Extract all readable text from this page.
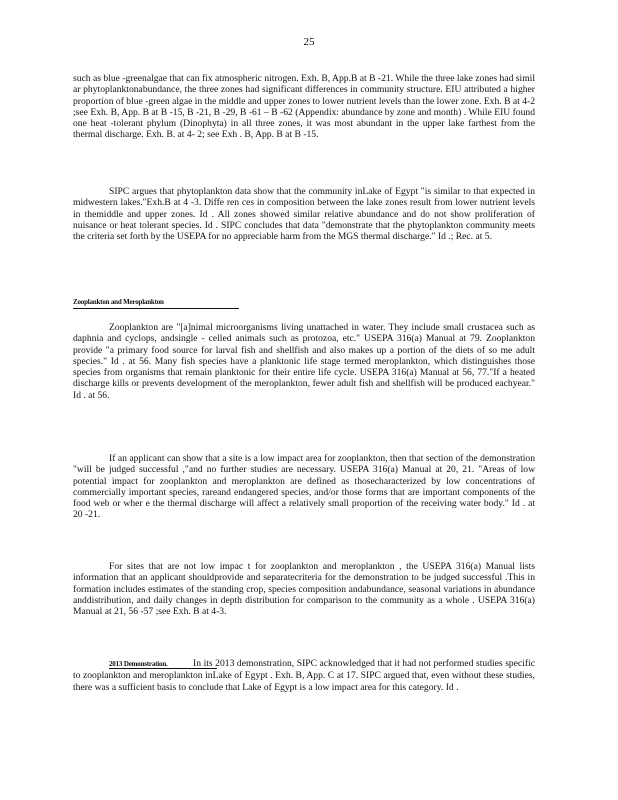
25

such as blue -greenalgae that can fix atmospheric nitrogen. Exh. B, App.B at B -21. While the three lake zones had simil ar phytoplanktonabundance, the three zones had significant differences in community structure. EIU attributed a higher proportion of blue -green algae in the middle and upper zones to lower nutrient levels than the lower zone. Exh. B at 4-2 ;see Exh. B, App. B at B -15, B -21, B -29, B -61 – B -62 (Appendix: abundance by zone and month) . While EIU found one heat -tolerant phylum (Dinophyta) in all three zones, it was most abundant in the upper lake farthest from the thermal discharge. Exh. B. at 4- 2; see Exh . B, App. B at B -15.

SIPC argues that phytoplankton data show that the community inLake of Egypt "is similar to that expected in midwestern lakes."Exh.B at 4 -3. Diffe ren ces in composition between the lake zones result from lower nutrient levels in themiddle and upper zones. Id . All zones showed similar relative abundance and do not show proliferation of nuisance or heat tolerant species. Id . SIPC concludes that data "demonstrate that the phytoplankton community meets the criteria set forth by the USEPA for no appreciable harm from the MGS thermal discharge." Id .; Rec. at 5.

Zooplankton and Meroplankton

Zooplankton are "[a]nimal microorganisms living unattached in water. They include small crustacea such as daphnia and cyclops, andsingle - celled animals such as protozoa, etc." USEPA 316(a) Manual at 79. Zooplankton provide "a primary food source for larval fish and shellfish and also makes up a portion of the diets of so me adult species." Id . at 56. Many fish species have a planktonic life stage termed meroplankton, which distinguishes those species from organisms that remain planktonic for their entire life cycle. USEPA 316(a) Manual at 56, 77."If a heated discharge kills or prevents development of the meroplankton, fewer adult fish and shellfish will be produced eachyear." Id . at 56.

If an applicant can show that a site is a low impact area for zooplankton, then that section of the demonstration "will be judged successful ,"and no further studies are necessary. USEPA 316(a) Manual at 20, 21. "Areas of low potential impact for zooplankton and meroplankton are defined as thosecharacterized by low concentrations of commercially important species, rareand endangered species, and/or those forms that are important components of the food web or wher e the thermal discharge will affect a relatively small proportion of the receiving water body." Id . at 20 -21.

For sites that are not low impac t for zooplankton and meroplankton , the USEPA 316(a) Manual lists information that an applicant shouldprovide and separatecriteria for the demonstration to be judged successful .This in formation includes estimates of the standing crop, species composition andabundance, seasonal variations in abundance anddistribution, and daily changes in depth distribution for comparison to the community as a whole . USEPA 316(a) Manual at 21, 56 -57 ;see Exh. B at 4-3.

2013 Demonstration.	In its 2013 demonstration, SIPC acknowledged that it had not performed studies specific to zooplankton and meroplankton inLake of Egypt . Exh. B, App. C at 17. SIPC argued that, even without these studies, there was a sufficient basis to conclude that Lake of Egypt is a low impact area for this category. Id .
